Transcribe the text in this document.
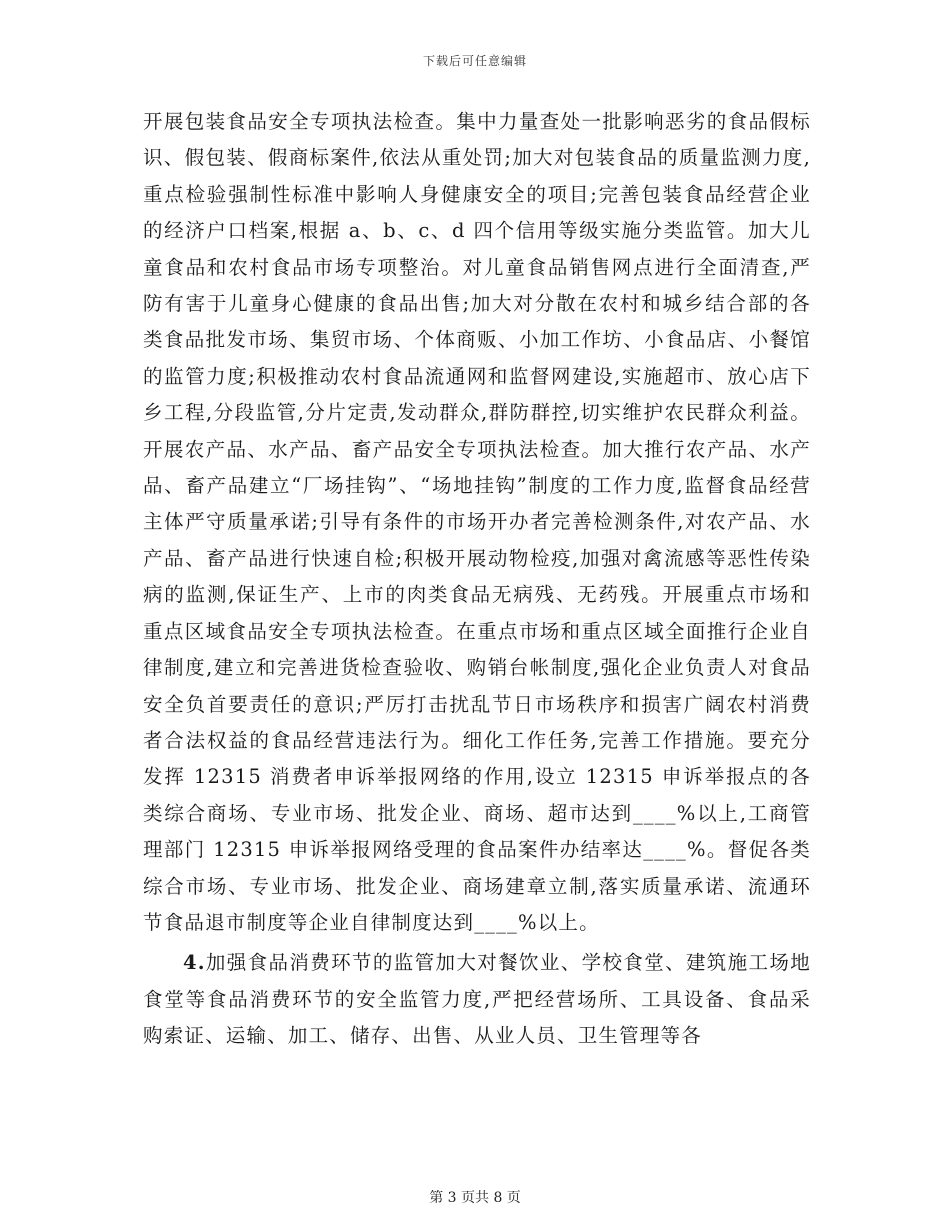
下载后可任意编辑

开展包装食品安全专项执法检查。集中力量查处一批影响恶劣的食品假标识、假包装、假商标案件,依法从重处罚;加大对包装食品的质量监测力度,重点检验强制性标准中影响人身健康安全的项目;完善包装食品经营企业的经济户口档案,根据 a、b、c、d 四个信用等级实施分类监管。加大儿童食品和农村食品市场专项整治。对儿童食品销售网点进行全面清查,严防有害于儿童身心健康的食品出售;加大对分散在农村和城乡结合部的各类食品批发市场、集贸市场、个体商贩、小加工作坊、小食品店、小餐馆的监管力度;积极推动农村食品流通网和监督网建设,实施超市、放心店下乡工程,分段监管,分片定责,发动群众,群防群控,切实维护农民群众利益。开展农产品、水产品、畜产品安全专项执法检查。加大推行农产品、水产品、畜产品建立“厂场挂钩”、“场地挂钩”制度的工作力度,监督食品经营主体严守质量承诺;引导有条件的市场开办者完善检测条件,对农产品、水产品、畜产品进行快速自检;积极开展动物检疫,加强对禽流感等恶性传染病的监测,保证生产、上市的肉类食品无病残、无药残。开展重点市场和重点区域食品安全专项执法检查。在重点市场和重点区域全面推行企业自律制度,建立和完善进货检查验收、购销台帐制度,强化企业负责人对食品安全负首要责任的意识;严厉打击扰乱节日市场秩序和损害广阔农村消费者合法权益的食品经营违法行为。细化工作任务,完善工作措施。要充分发挥 12315 消费者申诉举报网络的作用,设立 12315 申诉举报点的各类综合商场、专业市场、批发企业、商场、超市达到____%以上,工商管理部门 12315 申诉举报网络受理的食品案件办结率达____%。督促各类综合市场、专业市场、批发企业、商场建章立制,落实质量承诺、流通环节食品退市制度等企业自律制度达到____%以上。

4.加强食品消费环节的监管加大对餐饮业、学校食堂、建筑施工场地食堂等食品消费环节的安全监管力度,严把经营场所、工具设备、食品采购索证、运输、加工、储存、出售、从业人员、卫生管理等各

第 3 页共 8 页
